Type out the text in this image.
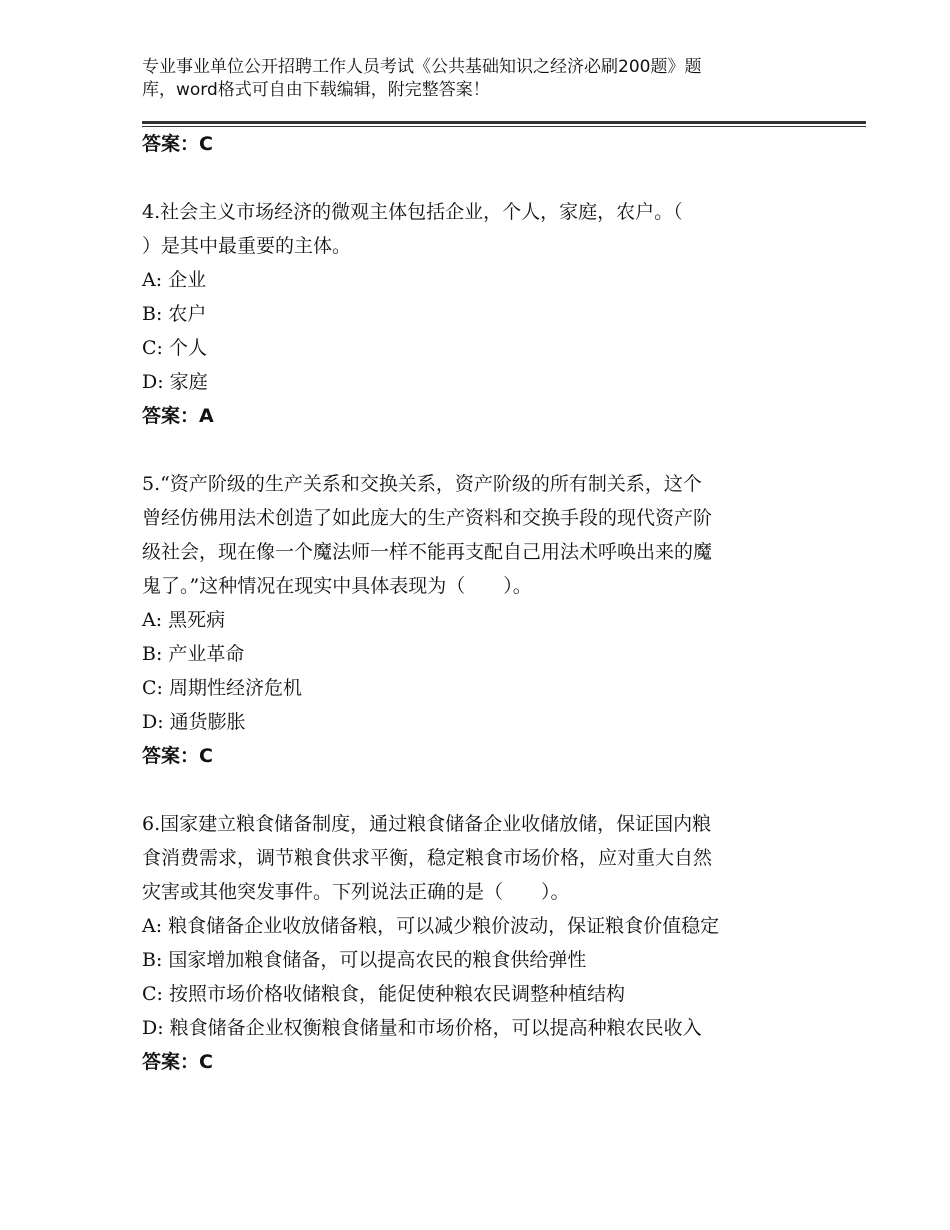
专业事业单位公开招聘工作人员考试《公共基础知识之经济必刷200题》题
库，word格式可自由下载编辑，附完整答案！
答案：C
4.社会主义市场经济的微观主体包括企业，个人，家庭，农户。（
）是其中最重要的主体。
A: 企业
B: 农户
C: 个人
D: 家庭
答案：A
5.“资产阶级的生产关系和交换关系，资产阶级的所有制关系，这个
曾经仿佛用法术创造了如此庞大的生产资料和交换手段的现代资产阶
级社会，现在像一个魔法师一样不能再支配自己用法术呼唤出来的魔
鬼了。”这种情况在现实中具体表现为（　　）。
A: 黑死病
B: 产业革命
C: 周期性经济危机
D: 通货膨胀
答案：C
6.国家建立粮食储备制度，通过粮食储备企业收储放储，保证国内粮
食消费需求，调节粮食供求平衡，稳定粮食市场价格，应对重大自然
灾害或其他突发事件。下列说法正确的是（　　）。
A: 粮食储备企业收放储备粮，可以减少粮价波动，保证粮食价值稳定
B: 国家增加粮食储备，可以提高农民的粮食供给弹性
C: 按照市场价格收储粮食，能促使种粮农民调整种植结构
D: 粮食储备企业权衡粮食储量和市场价格，可以提高种粮农民收入
答案：C
